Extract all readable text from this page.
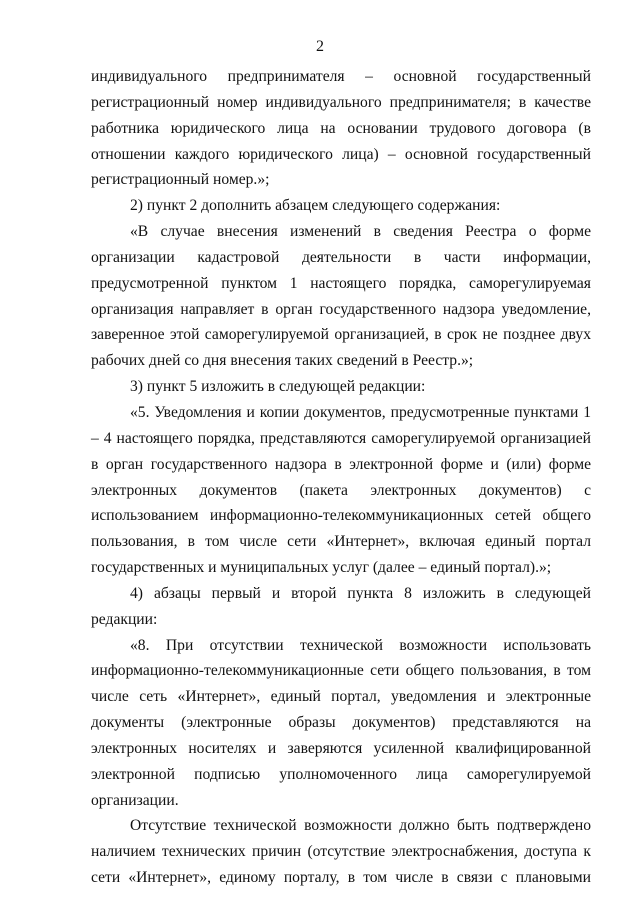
2

индивидуального предпринимателя – основной государственный регистрационный номер индивидуального предпринимателя; в качестве работника юридического лица на основании трудового договора (в отношении каждого юридического лица) – основной государственный регистрационный номер.»;

2) пункт 2 дополнить абзацем следующего содержания:

«В случае внесения изменений в сведения Реестра о форме организации кадастровой деятельности в части информации, предусмотренной пунктом 1 настоящего порядка, саморегулируемая организация направляет в орган государственного надзора уведомление, заверенное этой саморегулируемой организацией, в срок не позднее двух рабочих дней со дня внесения таких сведений в Реестр.»;

3) пункт 5 изложить в следующей редакции:

«5. Уведомления и копии документов, предусмотренные пунктами 1 – 4 настоящего порядка, представляются саморегулируемой организацией в орган государственного надзора в электронной форме и (или) форме электронных документов (пакета электронных документов) с использованием информационно-телекоммуникационных сетей общего пользования, в том числе сети «Интернет», включая единый портал государственных и муниципальных услуг (далее – единый портал).»;

4) абзацы первый и второй пункта 8 изложить в следующей редакции:

«8. При отсутствии технической возможности использовать информационно-телекоммуникационные сети общего пользования, в том числе сеть «Интернет», единый портал, уведомления и электронные документы (электронные образы документов) представляются на электронных носителях и заверяются усиленной квалифицированной электронной подписью уполномоченного лица саморегулируемой организации.

Отсутствие технической возможности должно быть подтверждено наличием технических причин (отсутствие электроснабжения, доступа к сети «Интернет», единому порталу, в том числе в связи с плановыми
